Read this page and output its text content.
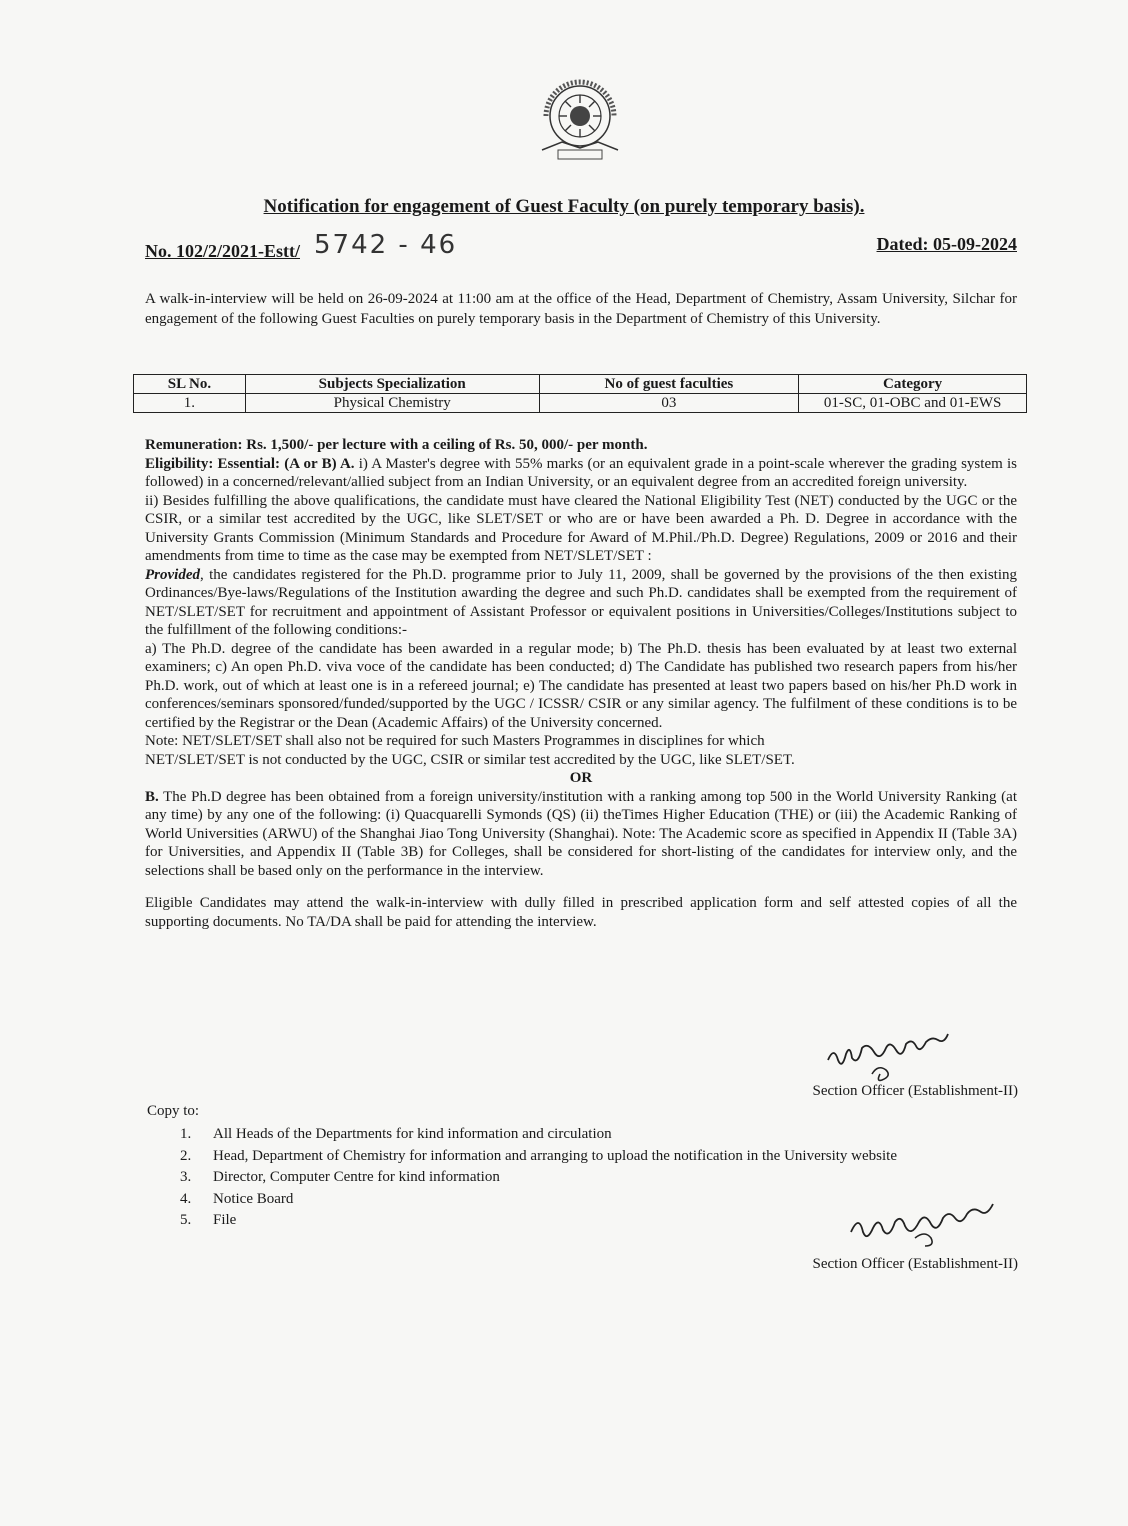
Notification for engagement of Guest Faculty (on purely temporary basis).
No. 102/2/2021-Estt/ 5742 - 46	Dated: 05-09-2024
A walk-in-interview will be held on 26-09-2024 at 11:00 am at the office of the Head, Department of Chemistry, Assam University, Silchar for engagement of the following Guest Faculties on purely temporary basis in the Department of Chemistry of this University.
SL No.	Subjects Specialization	No of guest faculties	Category
1.	Physical Chemistry	03	01-SC, 01-OBC and 01-EWS

Remuneration: Rs. 1,500/- per lecture with a ceiling of Rs. 50, 000/- per month.

Eligibility: Essential: (A or B) A. i) A Master's degree with 55% marks (or an equivalent grade in a point-scale wherever the grading system is followed) in a concerned/relevant/allied subject from an Indian University, or an equivalent degree from an accredited foreign university.

ii) Besides fulfilling the above qualifications, the candidate must have cleared the National Eligibility Test (NET) conducted by the UGC or the CSIR, or a similar test accredited by the UGC, like SLET/SET or who are or have been awarded a Ph. D. Degree in accordance with the University Grants Commission (Minimum Standards and Procedure for Award of M.Phil./Ph.D. Degree) Regulations, 2009 or 2016 and their amendments from time to time as the case may be exempted from NET/SLET/SET :

Provided, the candidates registered for the Ph.D. programme prior to July 11, 2009, shall be governed by the provisions of the then existing Ordinances/Bye-laws/Regulations of the Institution awarding the degree and such Ph.D. candidates shall be exempted from the requirement of NET/SLET/SET for recruitment and appointment of Assistant Professor or equivalent positions in Universities/Colleges/Institutions subject to the fulfillment of the following conditions:-

a) The Ph.D. degree of the candidate has been awarded in a regular mode; b) The Ph.D. thesis has been evaluated by at least two external examiners; c) An open Ph.D. viva voce of the candidate has been conducted; d) The Candidate has published two research papers from his/her Ph.D. work, out of which at least one is in a refereed journal; e) The candidate has presented at least two papers based on his/her Ph.D work in conferences/seminars sponsored/funded/supported by the UGC / ICSSR/ CSIR or any similar agency. The fulfilment of these conditions is to be certified by the Registrar or the Dean (Academic Affairs) of the University concerned.

Note: NET/SLET/SET shall also not be required for such Masters Programmes in disciplines for which

NET/SLET/SET is not conducted by the UGC, CSIR or similar test accredited by the UGC, like SLET/SET.

OR

B. The Ph.D degree has been obtained from a foreign university/institution with a ranking among top 500 in the World University Ranking (at any time) by any one of the following: (i) Quacquarelli Symonds (QS) (ii) theTimes Higher Education (THE) or (iii) the Academic Ranking of World Universities (ARWU) of the Shanghai Jiao Tong University (Shanghai). Note: The Academic score as specified in Appendix II (Table 3A) for Universities, and Appendix II (Table 3B) for Colleges, shall be considered for short-listing of the candidates for interview only, and the selections shall be based only on the performance in the interview.

Eligible Candidates may attend the walk-in-interview with dully filled in prescribed application form and self attested copies of all the supporting documents. No TA/DA shall be paid for attending the interview.

Section Officer (Establishment-II)
Copy to:
1. All Heads of the Departments for kind information and circulation
2. Head, Department of Chemistry for information and arranging to upload the notification in the University website
3. Director, Computer Centre for kind information
4. Notice Board
5. File
Section Officer (Establishment-II)
